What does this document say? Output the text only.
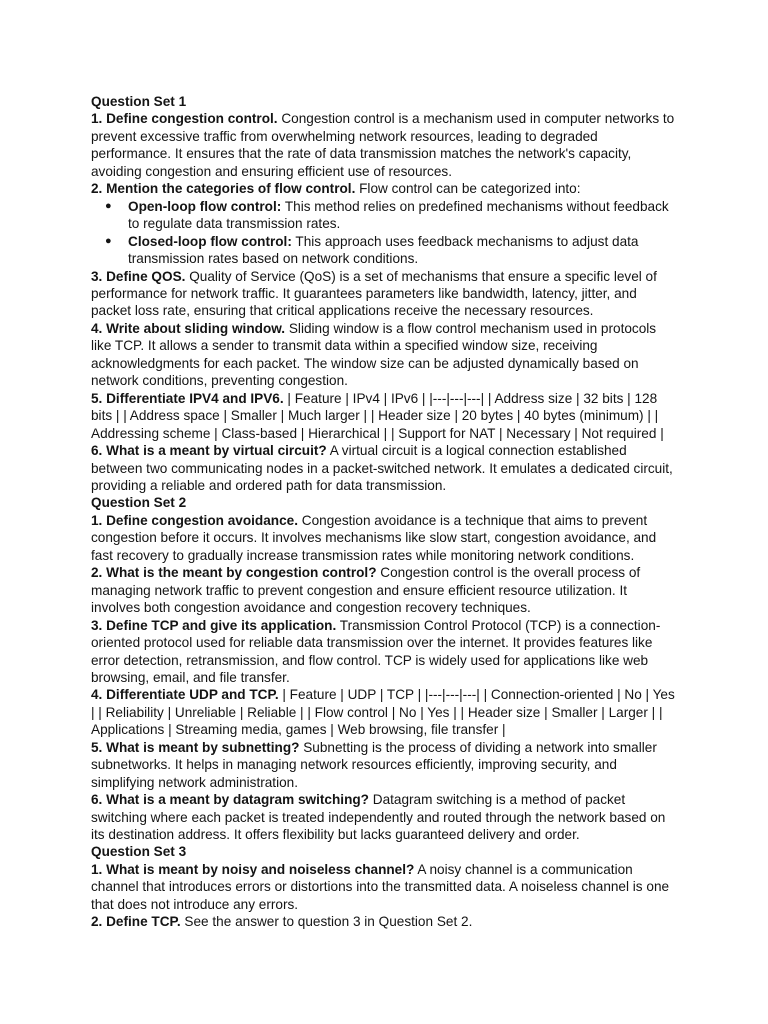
Question Set 1

1. Define congestion control. Congestion control is a mechanism used in computer networks to prevent excessive traffic from overwhelming network resources, leading to degraded performance. It ensures that the rate of data transmission matches the network's capacity, avoiding congestion and ensuring efficient use of resources.

2. Mention the categories of flow control. Flow control can be categorized into:

● Open-loop flow control: This method relies on predefined mechanisms without feedback to regulate data transmission rates.
● Closed-loop flow control: This approach uses feedback mechanisms to adjust data transmission rates based on network conditions.

3. Define QOS. Quality of Service (QoS) is a set of mechanisms that ensure a specific level of performance for network traffic. It guarantees parameters like bandwidth, latency, jitter, and packet loss rate, ensuring that critical applications receive the necessary resources.

4. Write about sliding window. Sliding window is a flow control mechanism used in protocols like TCP. It allows a sender to transmit data within a specified window size, receiving acknowledgments for each packet. The window size can be adjusted dynamically based on network conditions, preventing congestion.

5. Differentiate IPV4 and IPV6. | Feature | IPv4 | IPv6 | |---|---|---| | Address size | 32 bits | 128 bits | | Address space | Smaller | Much larger | | Header size | 20 bytes | 40 bytes (minimum) | | Addressing scheme | Class-based | Hierarchical | | Support for NAT | Necessary | Not required |

6. What is a meant by virtual circuit? A virtual circuit is a logical connection established between two communicating nodes in a packet-switched network. It emulates a dedicated circuit, providing a reliable and ordered path for data transmission.

Question Set 2

1. Define congestion avoidance. Congestion avoidance is a technique that aims to prevent congestion before it occurs. It involves mechanisms like slow start, congestion avoidance, and fast recovery to gradually increase transmission rates while monitoring network conditions.

2. What is the meant by congestion control? Congestion control is the overall process of managing network traffic to prevent congestion and ensure efficient resource utilization. It involves both congestion avoidance and congestion recovery techniques.

3. Define TCP and give its application. Transmission Control Protocol (TCP) is a connection-oriented protocol used for reliable data transmission over the internet. It provides features like error detection, retransmission, and flow control. TCP is widely used for applications like web browsing, email, and file transfer.

4. Differentiate UDP and TCP. | Feature | UDP | TCP | |---|---|---| | Connection-oriented | No | Yes | | Reliability | Unreliable | Reliable | | Flow control | No | Yes | | Header size | Smaller | Larger | | Applications | Streaming media, games | Web browsing, file transfer |

5. What is meant by subnetting? Subnetting is the process of dividing a network into smaller subnetworks. It helps in managing network resources efficiently, improving security, and simplifying network administration.

6. What is a meant by datagram switching? Datagram switching is a method of packet switching where each packet is treated independently and routed through the network based on its destination address. It offers flexibility but lacks guaranteed delivery and order.

Question Set 3

1. What is meant by noisy and noiseless channel? A noisy channel is a communication channel that introduces errors or distortions into the transmitted data. A noiseless channel is one that does not introduce any errors.

2. Define TCP. See the answer to question 3 in Question Set 2.
